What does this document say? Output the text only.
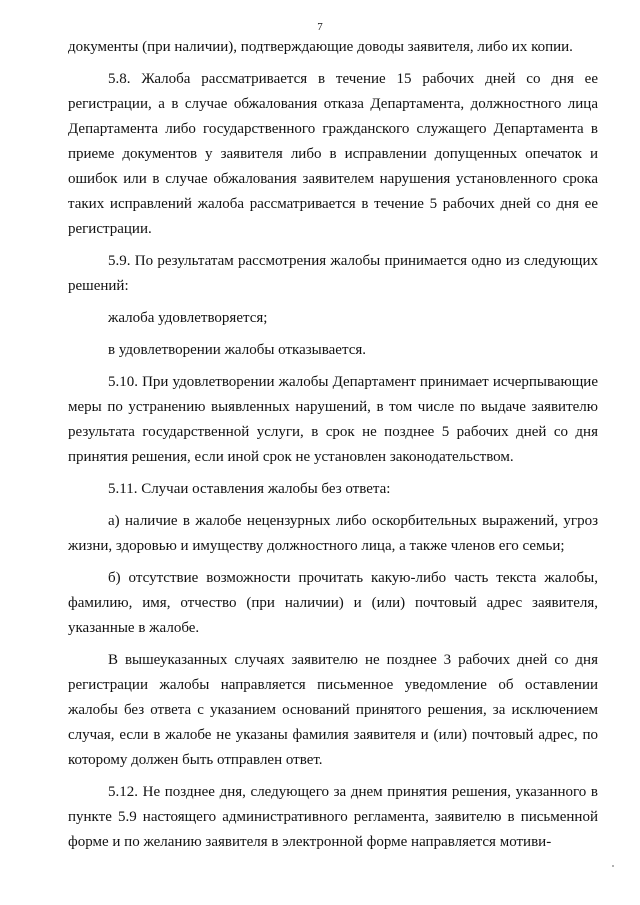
7

документы (при наличии), подтверждающие доводы заявителя, либо их копии.

5.8. Жалоба рассматривается в течение 15 рабочих дней со дня ее регистрации, а в случае обжалования отказа Департамента, должностного лица Департамента либо государственного гражданского служащего Департамента в приеме документов у заявителя либо в исправлении допущенных опечаток и ошибок или в случае обжалования заявителем нарушения установленного срока таких исправлений жалоба рассматривается в течение 5 рабочих дней со дня ее регистрации.

5.9. По результатам рассмотрения жалобы принимается одно из следующих решений:

жалоба удовлетворяется;

в удовлетворении жалобы отказывается.

5.10. При удовлетворении жалобы Департамент принимает исчерпывающие меры по устранению выявленных нарушений, в том числе по выдаче заявителю результата государственной услуги, в срок не позднее 5 рабочих дней со дня принятия решения, если иной срок не установлен законодательством.

5.11. Случаи оставления жалобы без ответа:

а) наличие в жалобе нецензурных либо оскорбительных выражений, угроз жизни, здоровью и имуществу должностного лица, а также членов его семьи;

б) отсутствие возможности прочитать какую-либо часть текста жалобы, фамилию, имя, отчество (при наличии) и (или) почтовый адрес заявителя, указанные в жалобе.

В вышеуказанных случаях заявителю не позднее 3 рабочих дней со дня регистрации жалобы направляется письменное уведомление об оставлении жалобы без ответа с указанием оснований принятого решения, за исключением случая, если в жалобе не указаны фамилия заявителя и (или) почтовый адрес, по которому должен быть отправлен ответ.

5.12. Не позднее дня, следующего за днем принятия решения, указанного в пункте 5.9 настоящего административного регламента, заявителю в письменной форме и по желанию заявителя в электронной форме направляется мотиви-
